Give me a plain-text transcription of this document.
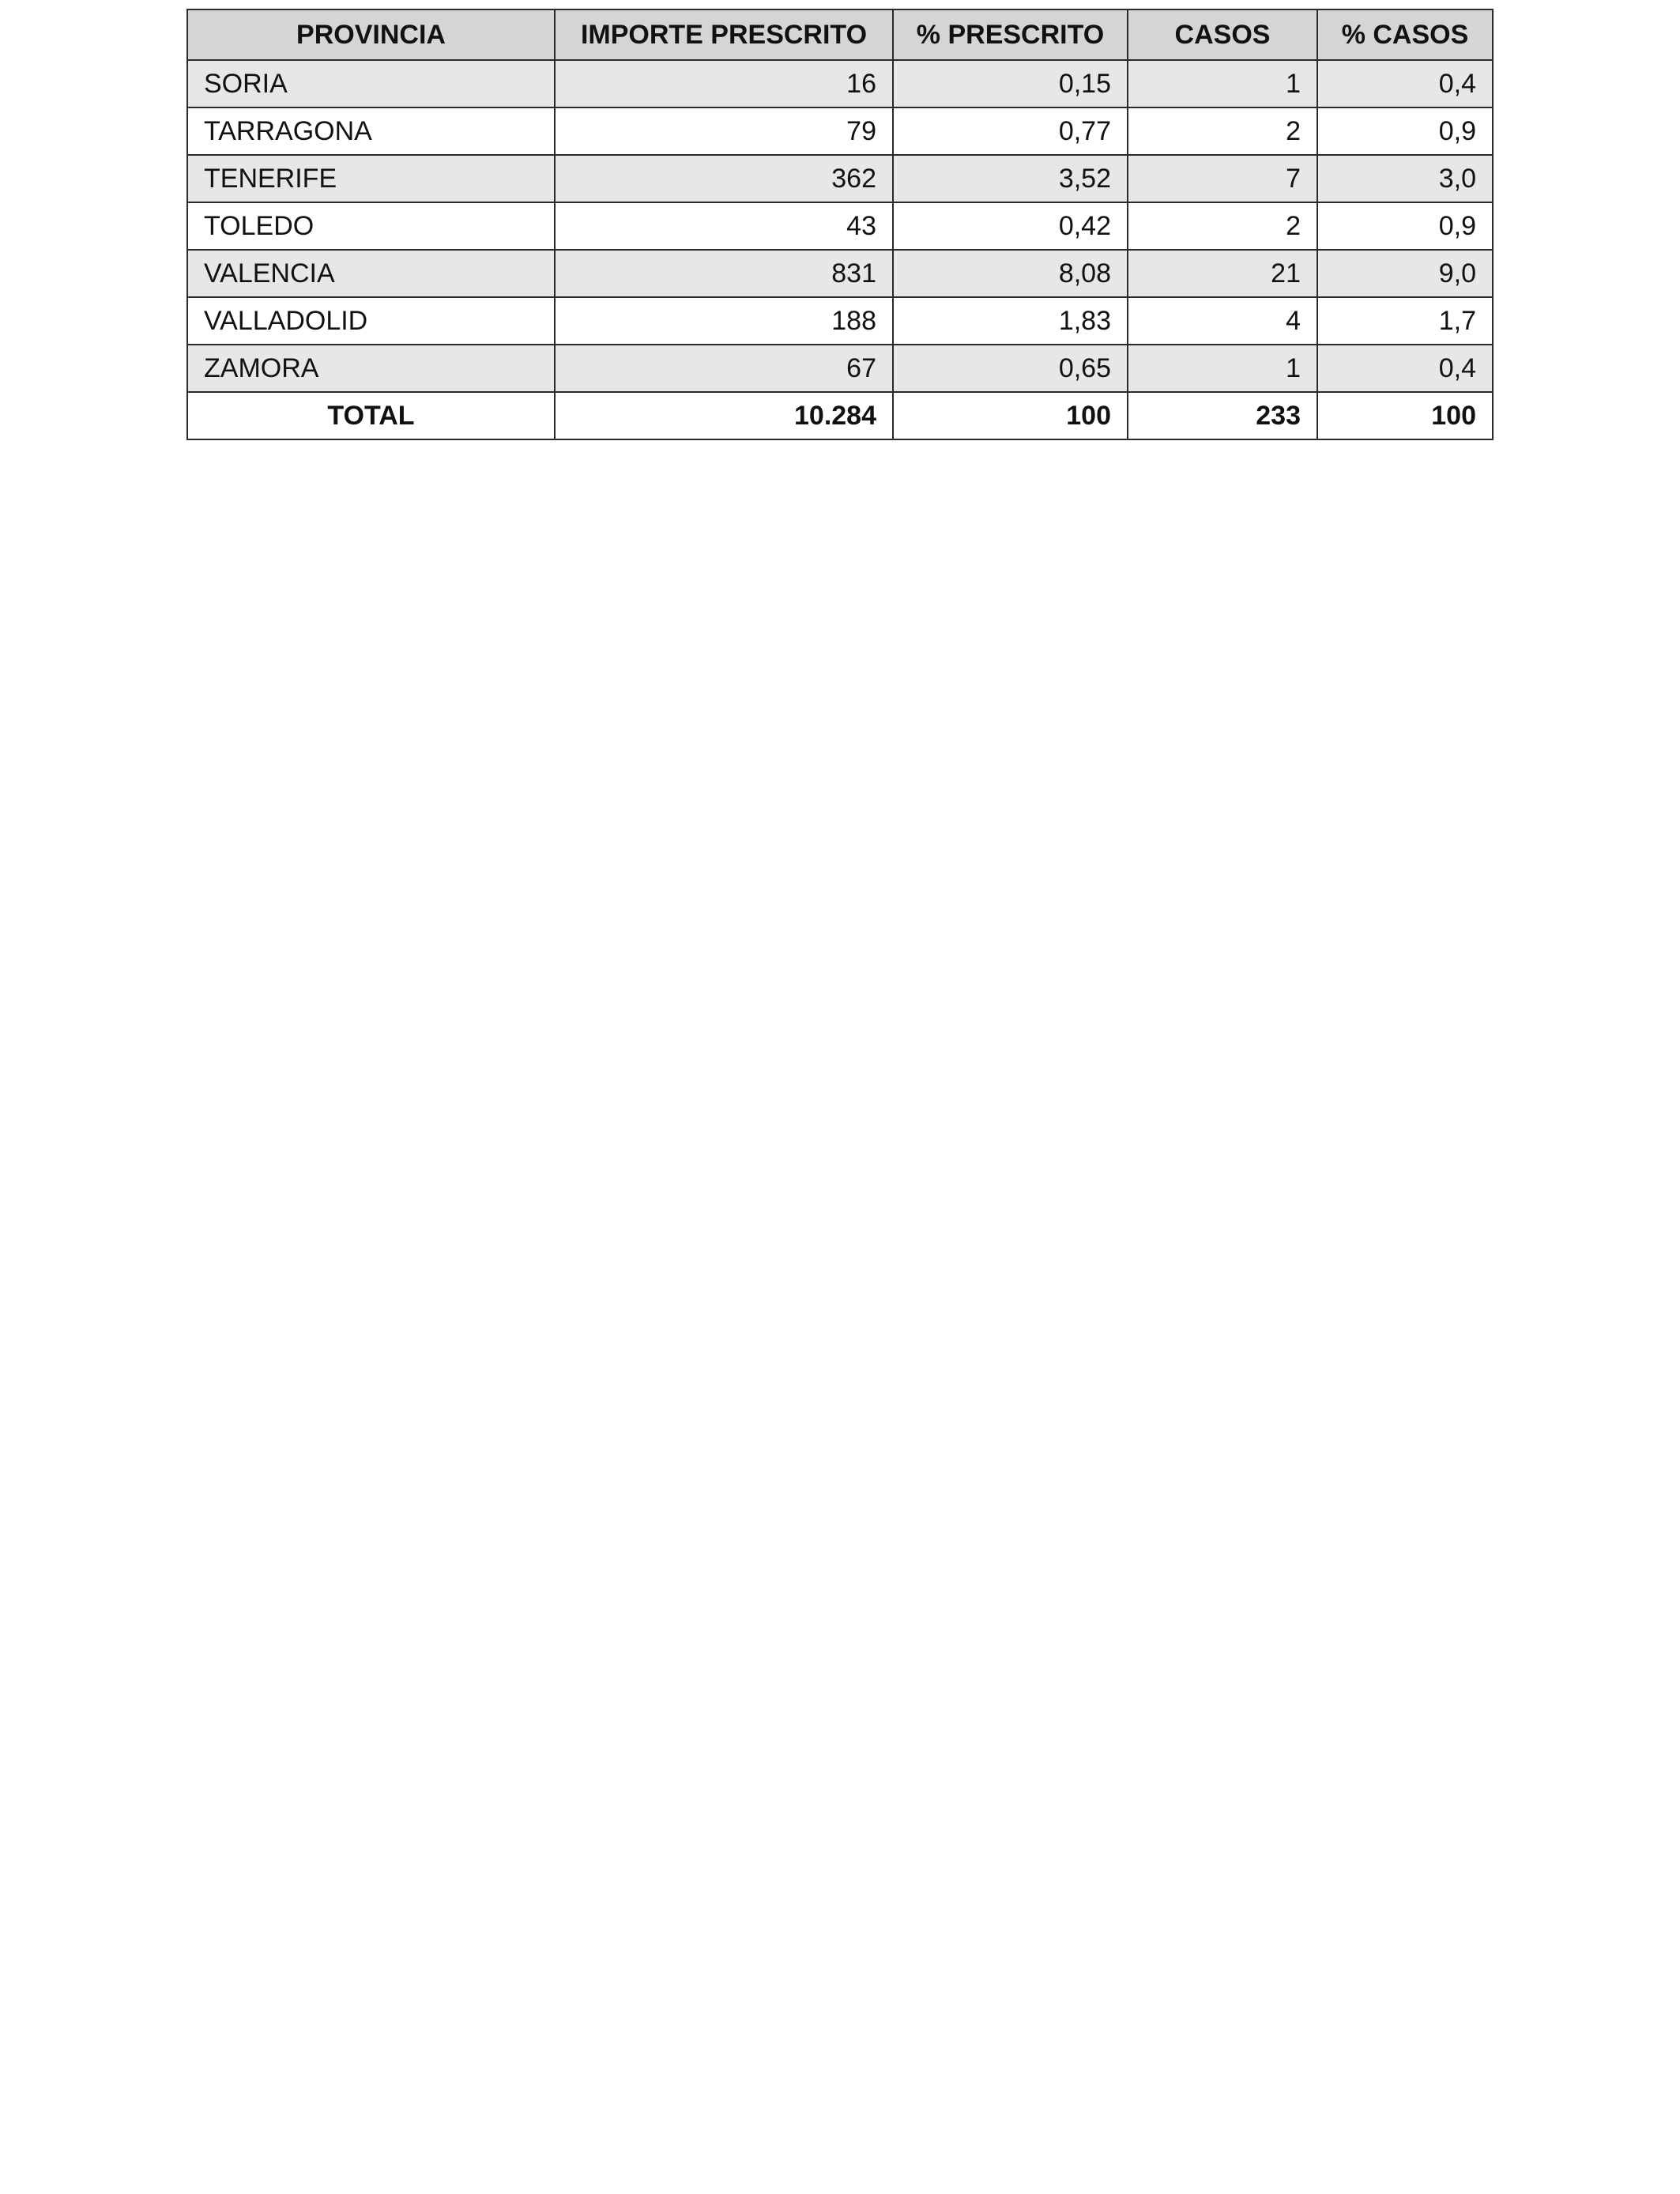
PROVINCIA	IMPORTE PRESCRITO	% PRESCRITO	CASOS	% CASOS
SORIA	16	0,15	1	0,4
TARRAGONA	79	0,77	2	0,9
TENERIFE	362	3,52	7	3,0
TOLEDO	43	0,42	2	0,9
VALENCIA	831	8,08	21	9,0
VALLADOLID	188	1,83	4	1,7
ZAMORA	67	0,65	1	0,4
TOTAL	10.284	100	233	100
